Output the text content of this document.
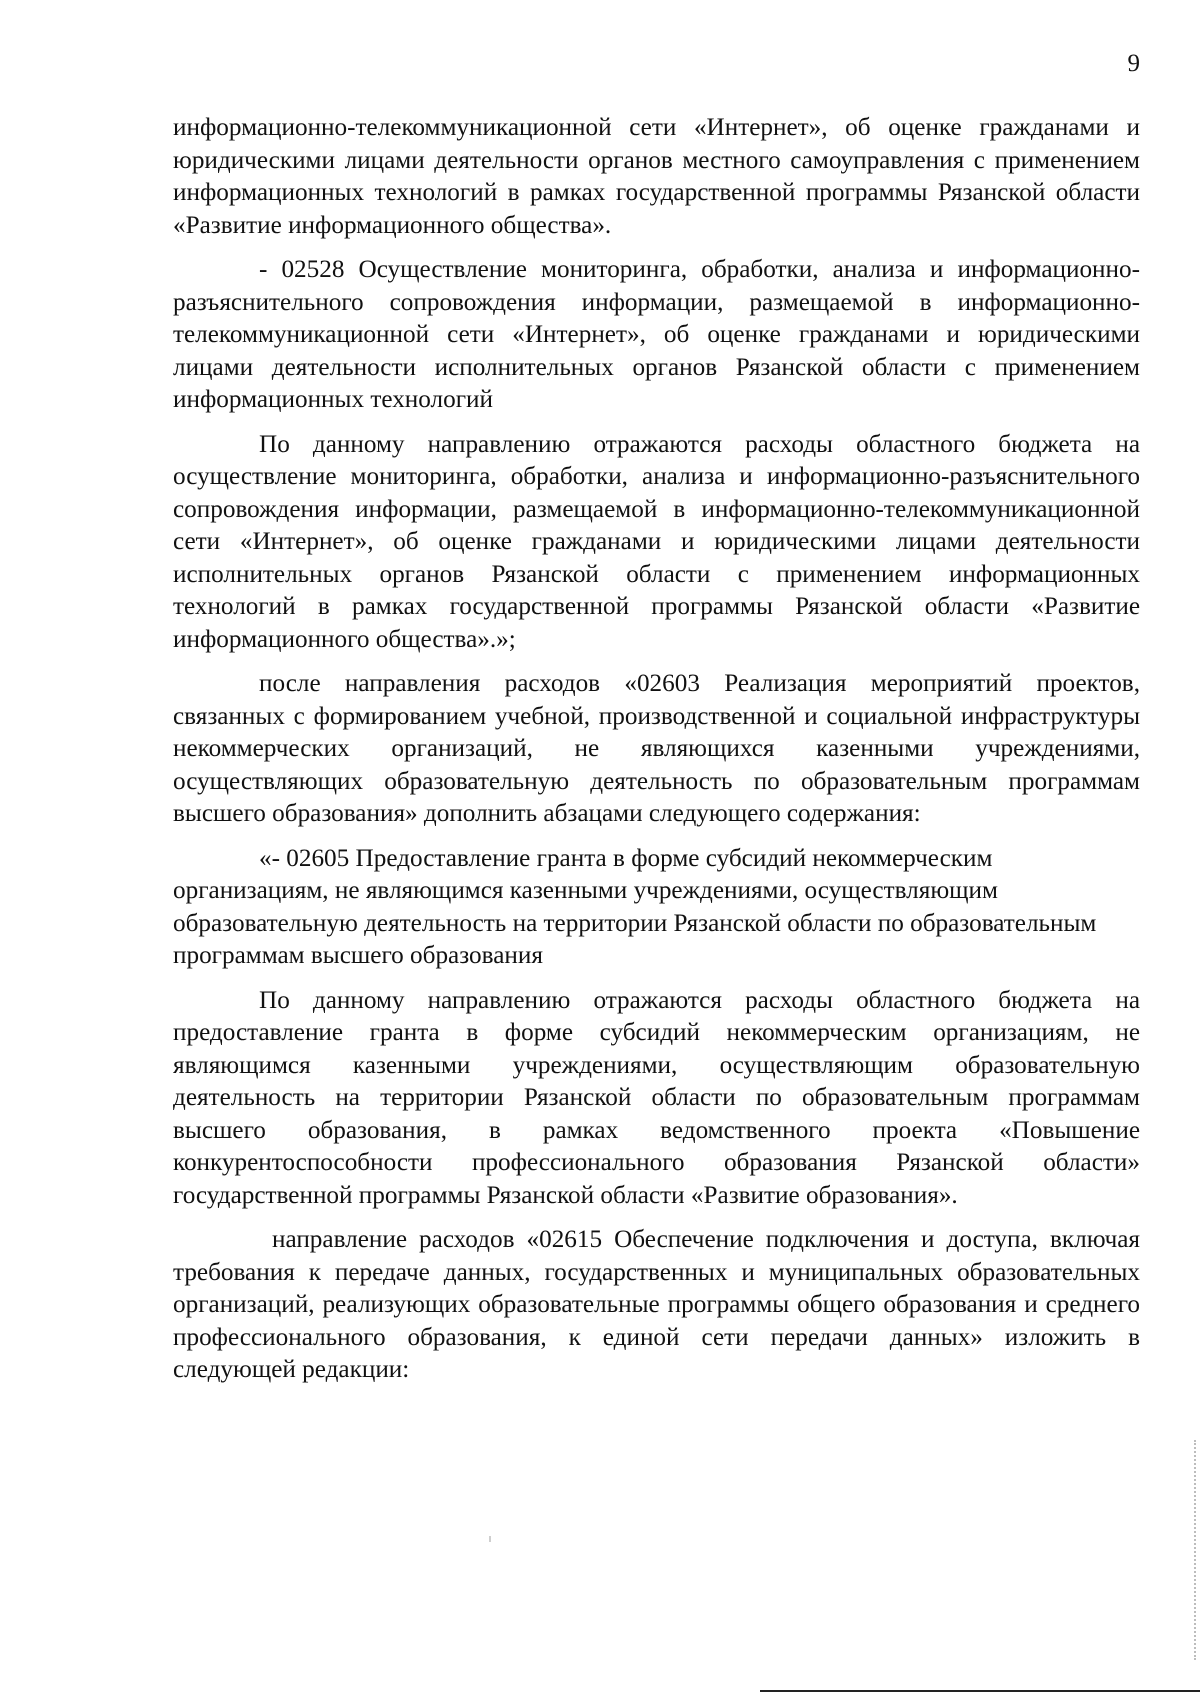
9

информационно-телекоммуникационной сети «Интернет», об оценке гражданами и юридическими лицами деятельности органов местного самоуправления с применением информационных технологий в рамках государственной программы Рязанской области «Развитие информационного общества».

- 02528 Осуществление мониторинга, обработки, анализа и информационно-разъяснительного сопровождения информации, размещаемой в информационно-телекоммуникационной сети «Интернет», об оценке гражданами и юридическими лицами деятельности исполнительных органов Рязанской области с применением информационных технологий

По данному направлению отражаются расходы областного бюджета на осуществление мониторинга, обработки, анализа и информационно-разъяснительного сопровождения информации, размещаемой в информационно-телекоммуникационной сети «Интернет», об оценке гражданами и юридическими лицами деятельности исполнительных органов Рязанской области с применением информационных технологий в рамках государственной программы Рязанской области «Развитие информационного общества».»;

после направления расходов «02603 Реализация мероприятий проектов, связанных с формированием учебной, производственной и социальной инфраструктуры некоммерческих организаций, не являющихся казенными учреждениями, осуществляющих образовательную деятельность по образовательным программам высшего образования» дополнить абзацами следующего содержания:

«- 02605 Предоставление гранта в форме субсидий некоммерческим организациям, не являющимся казенными учреждениями, осуществляющим образовательную деятельность на территории Рязанской области по образовательным программам высшего образования

По данному направлению отражаются расходы областного бюджета на предоставление гранта в форме субсидий некоммерческим организациям, не являющимся казенными учреждениями, осуществляющим образовательную деятельность на территории Рязанской области по образовательным программам высшего образования, в рамках ведомственного проекта «Повышение конкурентоспособности профессионального образования Рязанской области» государственной программы Рязанской области «Развитие образования».

направление расходов «02615 Обеспечение подключения и доступа, включая требования к передаче данных, государственных и муниципальных образовательных организаций, реализующих образовательные программы общего образования и среднего профессионального образования, к единой сети передачи данных» изложить в следующей редакции:
